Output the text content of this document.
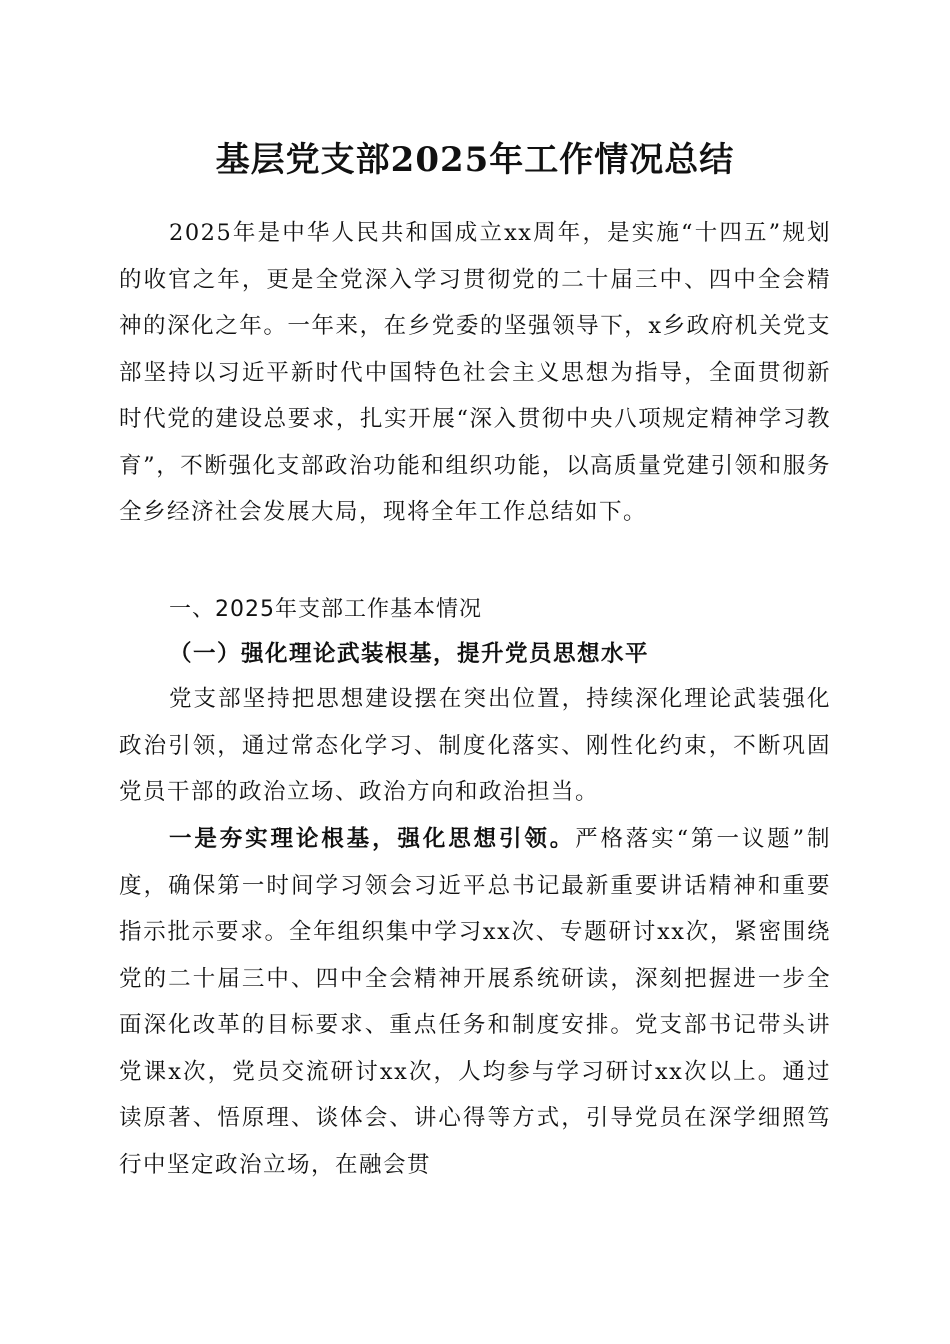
基层党支部2025年工作情况总结

2025年是中华人民共和国成立xx周年，是实施“十四五”规划的收官之年，更是全党深入学习贯彻党的二十届三中、四中全会精神的深化之年。一年来，在乡党委的坚强领导下，x乡政府机关党支部坚持以习近平新时代中国特色社会主义思想为指导，全面贯彻新时代党的建设总要求，扎实开展“深入贯彻中央八项规定精神学习教育”，不断强化支部政治功能和组织功能，以高质量党建引领和服务全乡经济社会发展大局，现将全年工作总结如下。

一、2025年支部工作基本情况
（一）强化理论武装根基，提升党员思想水平

党支部坚持把思想建设摆在突出位置，持续深化理论武装强化政治引领，通过常态化学习、制度化落实、刚性化约束，不断巩固党员干部的政治立场、政治方向和政治担当。

一是夯实理论根基，强化思想引领。严格落实“第一议题”制度，确保第一时间学习领会习近平总书记最新重要讲话精神和重要指示批示要求。全年组织集中学习xx次、专题研讨xx次，紧密围绕党的二十届三中、四中全会精神开展系统研读，深刻把握进一步全面深化改革的目标要求、重点任务和制度安排。党支部书记带头讲党课x次，党员交流研讨xx次，人均参与学习研讨xx次以上。通过读原著、悟原理、谈体会、讲心得等方式，引导党员在深学细照笃行中坚定政治立场，在融会贯
